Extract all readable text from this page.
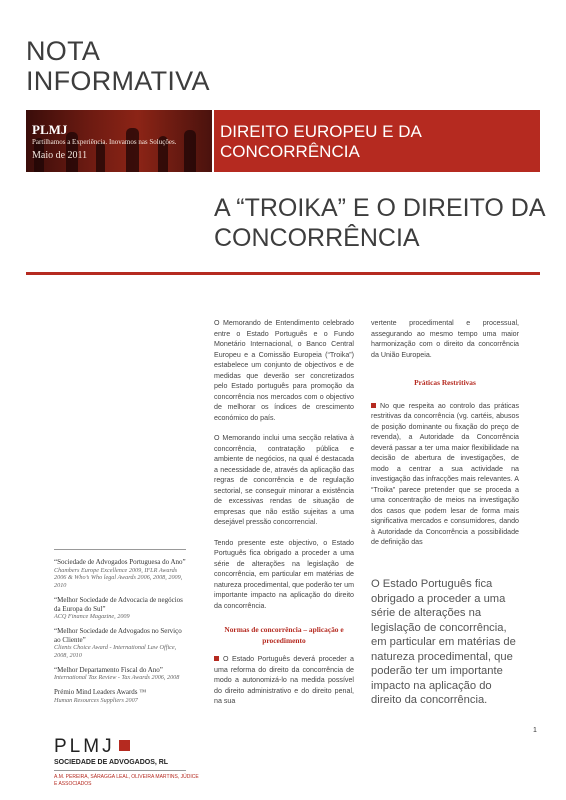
NOTA
INFORMATIVA
PLMJ
Partilhamos a Experiência. Inovamos nas Soluções.
Maio de 2011
DIREITO EUROPEU E DA
CONCORRÊNCIA
A “TROIKA” E O DIREITO DA
CONCORRÊNCIA

O Memorando de Entendimento celebrado entre o Estado Português e o Fundo Monetário Internacional, o Banco Central Europeu e a Comissão Europeia (“Troika”) estabelece um conjunto de objectivos e de medidas que deverão ser concretizados pelo Estado português para promoção da concorrência nos mercados com o objectivo de melhorar os índices de crescimento económico do país.

O Memorando inclui uma secção relativa à concorrência, contratação pública e ambiente de negócios, na qual é destacada a necessidade de, através da aplicação das regras de concorrência e de regulação sectorial, se conseguir minorar a existência de excessivas rendas de situação de empresas que não estão sujeitas a uma desejável pressão concorrencial.

Tendo presente este objectivo, o Estado Português fica obrigado a proceder a uma série de alterações na legislação de concorrência, em particular em matérias de natureza procedimental, que poderão ter um importante impacto na aplicação do direito da concorrência.

Normas de concorrência – aplicação e procedimento

O Estado Português deverá proceder a uma reforma do direito da concorrência de modo a autonomizá-lo na medida possível do direito administrativo e do direito penal, na sua

vertente procedimental e processual, assegurando ao mesmo tempo uma maior harmonização com o direito da concorrência da União Europeia.

Práticas Restritivas

No que respeita ao controlo das práticas restritivas da concorrência (vg. cartéis, abusos de posição dominante ou fixação do preço de revenda), a Autoridade da Concorrência deverá passar a ter uma maior flexibilidade na decisão de abertura de investigações, de modo a centrar a sua actividade na investigação das infracções mais relevantes. A “Troika” parece pretender que se proceda a uma concentração de meios na investigação dos casos que podem lesar de forma mais significativa mercados e consumidores, dando à Autoridade da Concorrência a possibilidade de definição das

O Estado Português fica obrigado a proceder a uma série de alterações na legislação de concorrência, em particular em matérias de natureza procedimental, que poderão ter um importante impacto na aplicação do direito da concorrência.
“Sociedade de Advogados Portuguesa do Ano”
Chambers Europe Excellence 2009, IFLR Awards 2006 & Who’s Who legal Awards 2006, 2008, 2009, 2010
“Melhor Sociedade de Advocacia de negócios da Europa do Sul”
ACQ Finance Magazine, 2009
“Melhor Sociedade de Advogados no Serviço ao Cliente”
Clients Choice Award - International Law Office, 2008, 2010
“Melhor Departamento Fiscal do Ano”
International Tax Review - Tax Awards 2006, 2008
Prémio Mind Leaders Awards ™
Human Resources Suppliers 2007
PLMJ
SOCIEDADE DE ADVOGADOS, RL
A.M. PEREIRA, SÁRAGGA LEAL, OLIVEIRA MARTINS, JÚDICE
E ASSOCIADOS
1
